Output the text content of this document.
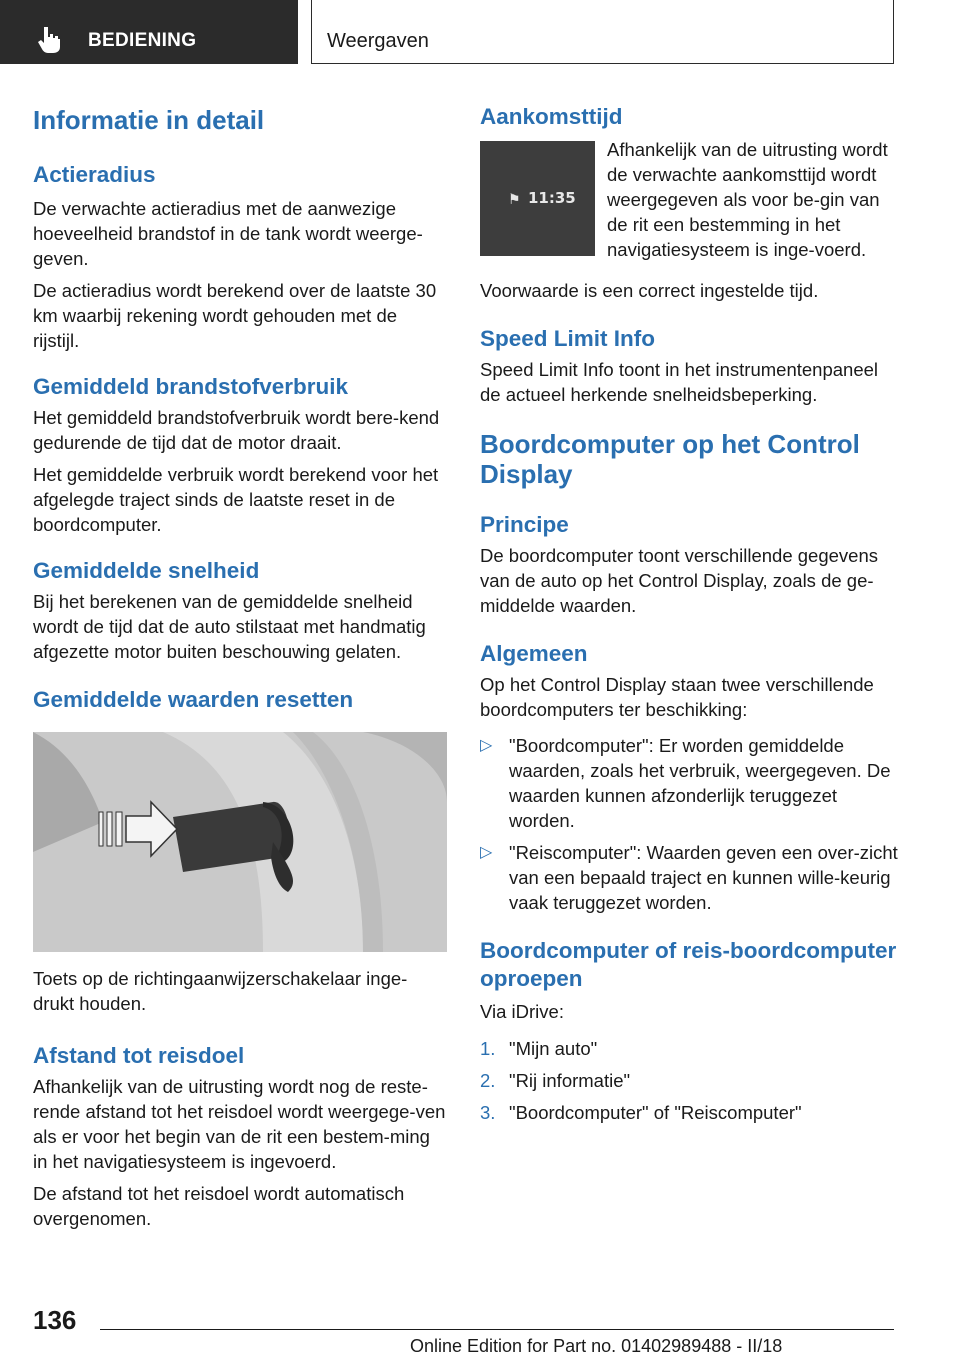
BEDIENING	Weergaven
Informatie in detail
Actieradius

De verwachte actieradius met de aanwezige hoeveelheid brandstof in de tank wordt weerge-geven.

De actieradius wordt berekend over de laatste 30 km waarbij rekening wordt gehouden met de rijstijl.

Gemiddeld brandstofverbruik

Het gemiddeld brandstofverbruik wordt bere-kend gedurende de tijd dat de motor draait.

Het gemiddelde verbruik wordt berekend voor het afgelegde traject sinds de laatste reset in de boordcomputer.

Gemiddelde snelheid

Bij het berekenen van de gemiddelde snelheid wordt de tijd dat de auto stilstaat met handmatig afgezette motor buiten beschouwing gelaten.

Gemiddelde waarden resetten

Toets op de richtingaanwijzerschakelaar inge-drukt houden.

Afstand tot reisdoel

Afhankelijk van de uitrusting wordt nog de reste-rende afstand tot het reisdoel wordt weergege-ven als er voor het begin van de rit een bestem-ming in het navigatiesysteem is ingevoerd.

De afstand tot het reisdoel wordt automatisch overgenomen.

Aankomsttijd
⚑ 11:35

Afhankelijk van de uitrusting wordt de verwachte aankomsttijd wordt weergegeven als voor be-gin van de rit een bestemming in het navigatiesysteem is inge-voerd.

Voorwaarde is een correct ingestelde tijd.

Speed Limit Info

Speed Limit Info toont in het instrumentenpaneel de actueel herkende snelheidsbeperking.

Boordcomputer op het Control Display
Principe

De boordcomputer toont verschillende gegevens van de auto op het Control Display, zoals de ge-middelde waarden.

Algemeen

Op het Control Display staan twee verschillende boordcomputers ter beschikking:

▷ "Boordcomputer": Er worden gemiddelde waarden, zoals het verbruik, weergegeven. De waarden kunnen afzonderlijk teruggezet worden.
▷ "Reiscomputer": Waarden geven een over-zicht van een bepaald traject en kunnen wille-keurig vaak teruggezet worden.
Boordcomputer of reis-boordcomputer oproepen

Via iDrive:

1. "Mijn auto"
2. "Rij informatie"
3. "Boordcomputer" of "Reiscomputer"
136
Online Edition for Part no. 01402989488 - II/18
